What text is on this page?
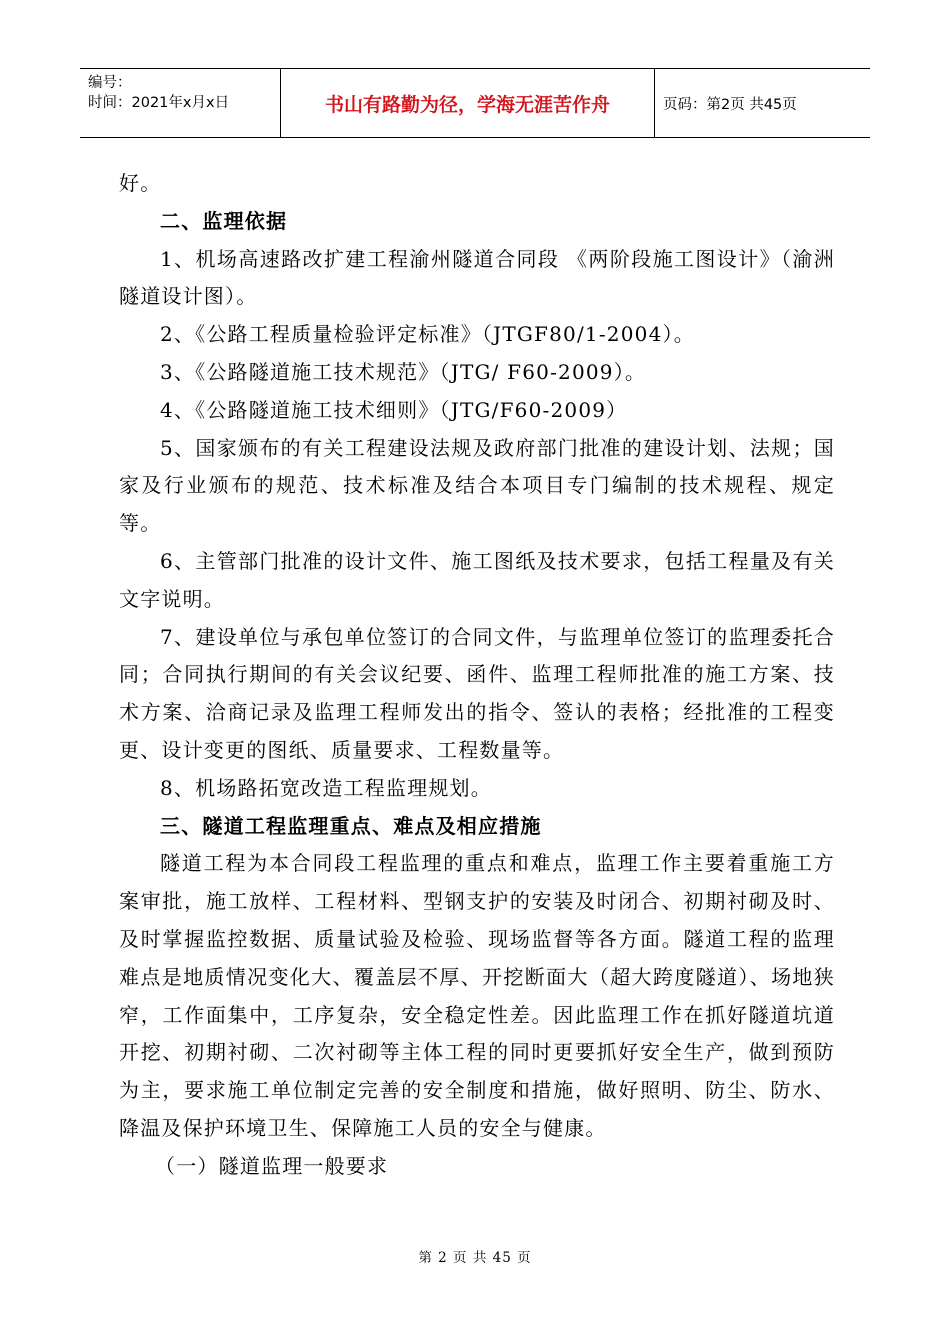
编号：
时间：2021年x月x日	书山有路勤为径，学海无涯苦作舟	页码：第2页 共45页

好。

二、监理依据

1、机场高速路改扩建工程渝州隧道合同段 《两阶段施工图设计》（渝洲隧道设计图）。

2、《公路工程质量检验评定标准》（JTGF80/1-2004）。

3、《公路隧道施工技术规范》（JTG/ F60-2009）。

4、《公路隧道施工技术细则》（JTG/F60-2009）

5、国家颁布的有关工程建设法规及政府部门批准的建设计划、法规；国家及行业颁布的规范、技术标准及结合本项目专门编制的技术规程、规定等。

6、主管部门批准的设计文件、施工图纸及技术要求，包括工程量及有关文字说明。

7、建设单位与承包单位签订的合同文件，与监理单位签订的监理委托合同；合同执行期间的有关会议纪要、函件、监理工程师批准的施工方案、技术方案、洽商记录及监理工程师发出的指令、签认的表格；经批准的工程变更、设计变更的图纸、质量要求、工程数量等。

8、机场路拓宽改造工程监理规划。

三、隧道工程监理重点、难点及相应措施

隧道工程为本合同段工程监理的重点和难点，监理工作主要着重施工方案审批，施工放样、工程材料、型钢支护的安装及时闭合、初期衬砌及时、及时掌握监控数据、质量试验及检验、现场监督等各方面。隧道工程的监理难点是地质情况变化大、覆盖层不厚、开挖断面大（超大跨度隧道）、场地狭窄，工作面集中，工序复杂，安全稳定性差。因此监理工作在抓好隧道坑道开挖、初期衬砌、二次衬砌等主体工程的同时更要抓好安全生产，做到预防为主，要求施工单位制定完善的安全制度和措施，做好照明、防尘、防水、降温及保护环境卫生、保障施工人员的安全与健康。

（一）隧道监理一般要求

第 2 页 共 45 页
